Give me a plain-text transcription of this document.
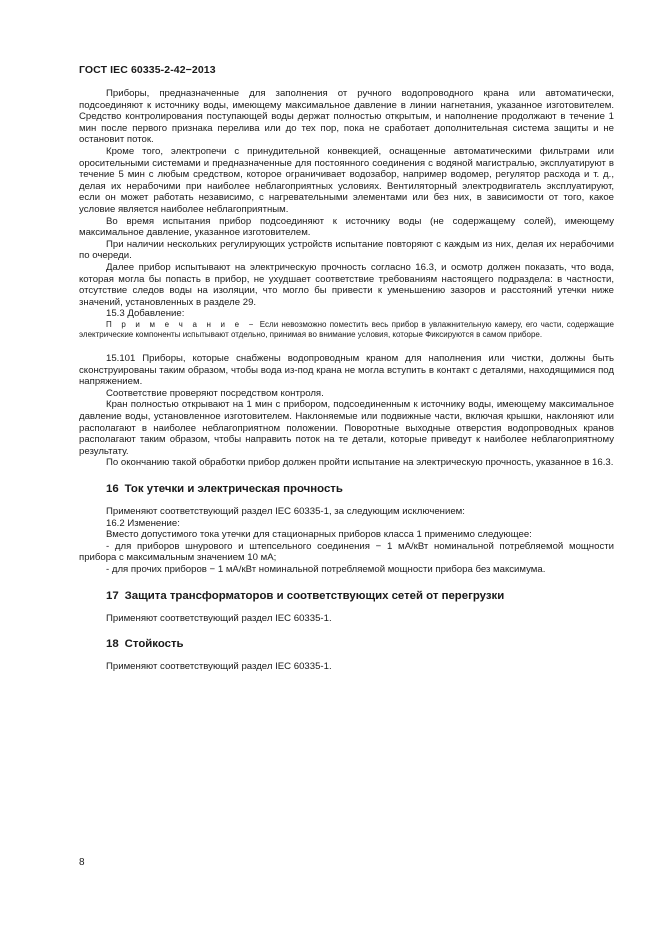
ГОСТ IEC 60335-2-42−2013

Приборы, предназначенные для заполнения от ручного водопроводного крана или автоматически, подсоединяют к источнику воды, имеющему максимальное давление в линии нагнетания, указанное изготовителем. Средство контролирования поступающей воды держат полностью открытым, и наполнение продолжают в течение 1 мин после первого признака перелива или до тех пор, пока не сработает дополнительная система защиты и не остановит поток.

Кроме того, электропечи с принудительной конвекцией, оснащенные автоматическими фильтрами или оросительными системами и предназначенные для постоянного соединения с водяной магистралью, эксплуатируют в течение 5 мин с любым средством, которое ограничивает водозабор, например водомер, регулятор расхода и т. д., делая их нерабочими при наиболее неблагоприятных условиях. Вентиляторный электродвигатель эксплуатируют, если он может работать независимо, с нагревательными элементами или без них, в зависимости от того, какое условие является наиболее неблагоприятным.

Во время испытания прибор подсоединяют к источнику воды (не содержащему солей), имеющему максимальное давление, указанное изготовителем.

При наличии нескольких регулирующих устройств испытание повторяют с каждым из них, делая их нерабочими по очереди.

Далее прибор испытывают на электрическую прочность согласно 16.3, и осмотр должен показать, что вода, которая могла бы попасть в прибор, не ухудшает соответствие требованиям настоящего подраздела: в частности, отсутствие следов воды на изоляции, что могло бы привести к уменьшению зазоров и расстояний утечки ниже значений, установленных в разделе 29.

15.3 Добавление:

П р и м е ч а н и е − Если невозможно поместить весь прибор в увлажнительную камеру, его части, содержащие электрические компоненты испытывают отдельно, принимая во внимание условия, которые Фиксируются в самом приборе.

15.101 Приборы, которые снабжены водопроводным краном для наполнения или чистки, должны быть сконструированы таким образом, чтобы вода из-под крана не могла вступить в контакт с деталями, находящимися под напряжением.

Соответствие проверяют посредством контроля.

Кран полностью открывают на 1 мин с прибором, подсоединенным к источнику воды, имеющему максимальное давление воды, установленное изготовителем. Наклоняемые или подвижные части, включая крышки, наклоняют или располагают в наиболее неблагоприятном положении. Поворотные выходные отверстия водопроводных кранов располагают таким образом, чтобы направить поток на те детали, которые приведут к наиболее неблагоприятному результату.

По окончанию такой обработки прибор должен пройти испытание на электрическую прочность, указанное в 16.3.

16 Ток утечки и электрическая прочность

Применяют соответствующий раздел IEC 60335-1, за следующим исключением:

16.2 Изменение:

Вместо допустимого тока утечки для стационарных приборов класса 1 применимо следующее:

- для приборов шнурового и штепсельного соединения − 1 мА/кВт номинальной потребляемой мощности прибора с максимальным значением 10 мА;

- для прочих приборов − 1 мА/кВт номинальной потребляемой мощности прибора без максимума.

17 Защита трансформаторов и соответствующих сетей от перегрузки

Применяют соответствующий раздел IEC 60335-1.

18 Стойкость

Применяют соответствующий раздел IEC 60335-1.

8
